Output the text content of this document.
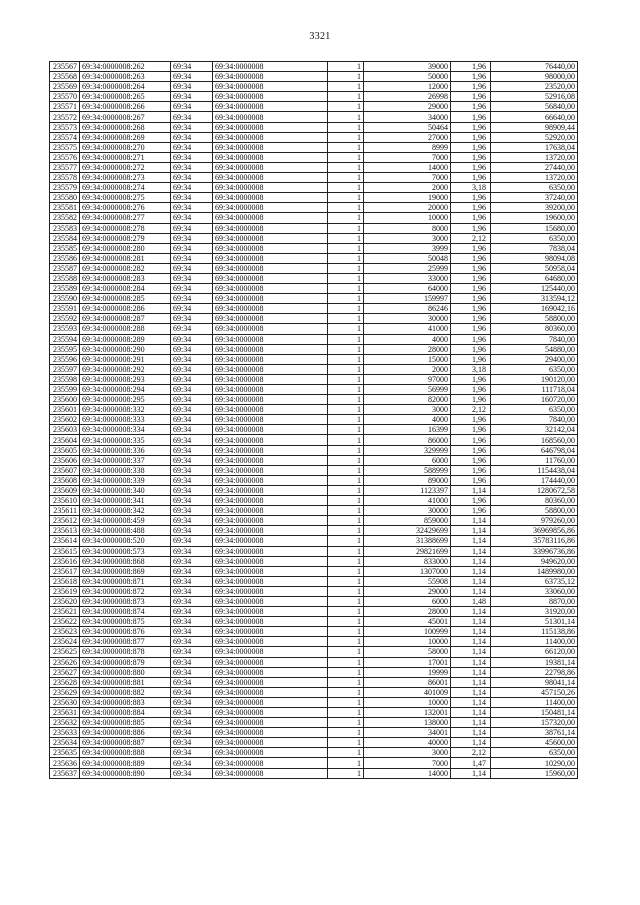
3321
235567	69:34:0000008:262	69:34	69:34:0000008	1	39000	1,96	76440,00
235568	69:34:0000008:263	69:34	69:34:0000008	1	50000	1,96	98000,00
235569	69:34:0000008:264	69:34	69:34:0000008	1	12000	1,96	23520,00
235570	69:34:0000008:265	69:34	69:34:0000008	1	26998	1,96	52916,08
235571	69:34:0000008:266	69:34	69:34:0000008	1	29000	1,96	56840,00
235572	69:34:0000008:267	69:34	69:34:0000008	1	34000	1,96	66640,00
235573	69:34:0000008:268	69:34	69:34:0000008	1	50464	1,96	98909,44
235574	69:34:0000008:269	69:34	69:34:0000008	1	27000	1,96	52920,00
235575	69:34:0000008:270	69:34	69:34:0000008	1	8999	1,96	17638,04
235576	69:34:0000008:271	69:34	69:34:0000008	1	7000	1,96	13720,00
235577	69:34:0000008:272	69:34	69:34:0000008	1	14000	1,96	27440,00
235578	69:34:0000008:273	69:34	69:34:0000008	1	7000	1,96	13720,00
235579	69:34:0000008:274	69:34	69:34:0000008	1	2000	3,18	6350,00
235580	69:34:0000008:275	69:34	69:34:0000008	1	19000	1,96	37240,00
235581	69:34:0000008:276	69:34	69:34:0000008	1	20000	1,96	39200,00
235582	69:34:0000008:277	69:34	69:34:0000008	1	10000	1,96	19600,00
235583	69:34:0000008:278	69:34	69:34:0000008	1	8000	1,96	15680,00
235584	69:34:0000008:279	69:34	69:34:0000008	1	3000	2,12	6350,00
235585	69:34:0000008:280	69:34	69:34:0000008	1	3999	1,96	7838,04
235586	69:34:0000008:281	69:34	69:34:0000008	1	50048	1,96	98094,08
235587	69:34:0000008:282	69:34	69:34:0000008	1	25999	1,96	50958,04
235588	69:34:0000008:283	69:34	69:34:0000008	1	33000	1,96	64680,00
235589	69:34:0000008:284	69:34	69:34:0000008	1	64000	1,96	125440,00
235590	69:34:0000008:285	69:34	69:34:0000008	1	159997	1,96	313594,12
235591	69:34:0000008:286	69:34	69:34:0000008	1	86246	1,96	169042,16
235592	69:34:0000008:287	69:34	69:34:0000008	1	30000	1,96	58800,00
235593	69:34:0000008:288	69:34	69:34:0000008	1	41000	1,96	80360,00
235594	69:34:0000008:289	69:34	69:34:0000008	1	4000	1,96	7840,00
235595	69:34:0000008:290	69:34	69:34:0000008	1	28000	1,96	54880,00
235596	69:34:0000008:291	69:34	69:34:0000008	1	15000	1,96	29400,00
235597	69:34:0000008:292	69:34	69:34:0000008	1	2000	3,18	6350,00
235598	69:34:0000008:293	69:34	69:34:0000008	1	97000	1,96	190120,00
235599	69:34:0000008:294	69:34	69:34:0000008	1	56999	1,96	111718,04
235600	69:34:0000008:295	69:34	69:34:0000008	1	82000	1,96	160720,00
235601	69:34:0000008:332	69:34	69:34:0000008	1	3000	2,12	6350,00
235602	69:34:0000008:333	69:34	69:34:0000008	1	4000	1,96	7840,00
235603	69:34:0000008:334	69:34	69:34:0000008	1	16399	1,96	32142,04
235604	69:34:0000008:335	69:34	69:34:0000008	1	86000	1,96	168560,00
235605	69:34:0000008:336	69:34	69:34:0000008	1	329999	1,96	646798,04
235606	69:34:0000008:337	69:34	69:34:0000008	1	6000	1,96	11760,00
235607	69:34:0000008:338	69:34	69:34:0000008	1	588999	1,96	1154438,04
235608	69:34:0000008:339	69:34	69:34:0000008	1	89000	1,96	174440,00
235609	69:34:0000008:340	69:34	69:34:0000008	1	1123397	1,14	1280672,58
235610	69:34:0000008:341	69:34	69:34:0000008	1	41000	1,96	80360,00
235611	69:34:0000008:342	69:34	69:34:0000008	1	30000	1,96	58800,00
235612	69:34:0000008:459	69:34	69:34:0000008	1	859000	1,14	979260,00
235613	69:34:0000008:488	69:34	69:34:0000008	1	32429699	1,14	36969856,86
235614	69:34:0000008:520	69:34	69:34:0000008	1	31388699	1,14	35783116,86
235615	69:34:0000008:573	69:34	69:34:0000008	1	29821699	1,14	33996736,86
235616	69:34:0000008:868	69:34	69:34:0000008	1	833000	1,14	949620,00
235617	69:34:0000008:869	69:34	69:34:0000008	1	1307000	1,14	1489980,00
235618	69:34:0000008:871	69:34	69:34:0000008	1	55908	1,14	63735,12
235619	69:34:0000008:872	69:34	69:34:0000008	1	29000	1,14	33060,00
235620	69:34:0000008:873	69:34	69:34:0000008	1	6000	1,48	8870,00
235621	69:34:0000008:874	69:34	69:34:0000008	1	28000	1,14	31920,00
235622	69:34:0000008:875	69:34	69:34:0000008	1	45001	1,14	51301,14
235623	69:34:0000008:876	69:34	69:34:0000008	1	100999	1,14	115138,86
235624	69:34:0000008:877	69:34	69:34:0000008	1	10000	1,14	11400,00
235625	69:34:0000008:878	69:34	69:34:0000008	1	58000	1,14	66120,00
235626	69:34:0000008:879	69:34	69:34:0000008	1	17001	1,14	19381,14
235627	69:34:0000008:880	69:34	69:34:0000008	1	19999	1,14	22798,86
235628	69:34:0000008:881	69:34	69:34:0000008	1	86001	1,14	98041,14
235629	69:34:0000008:882	69:34	69:34:0000008	1	401009	1,14	457150,26
235630	69:34:0000008:883	69:34	69:34:0000008	1	10000	1,14	11400,00
235631	69:34:0000008:884	69:34	69:34:0000008	1	132001	1,14	150481,14
235632	69:34:0000008:885	69:34	69:34:0000008	1	138000	1,14	157320,00
235633	69:34:0000008:886	69:34	69:34:0000008	1	34001	1,14	38761,14
235634	69:34:0000008:887	69:34	69:34:0000008	1	40000	1,14	45600,00
235635	69:34:0000008:888	69:34	69:34:0000008	1	3000	2,12	6350,00
235636	69:34:0000008:889	69:34	69:34:0000008	1	7000	1,47	10290,00
235637	69:34:0000008:890	69:34	69:34:0000008	1	14000	1,14	15960,00
